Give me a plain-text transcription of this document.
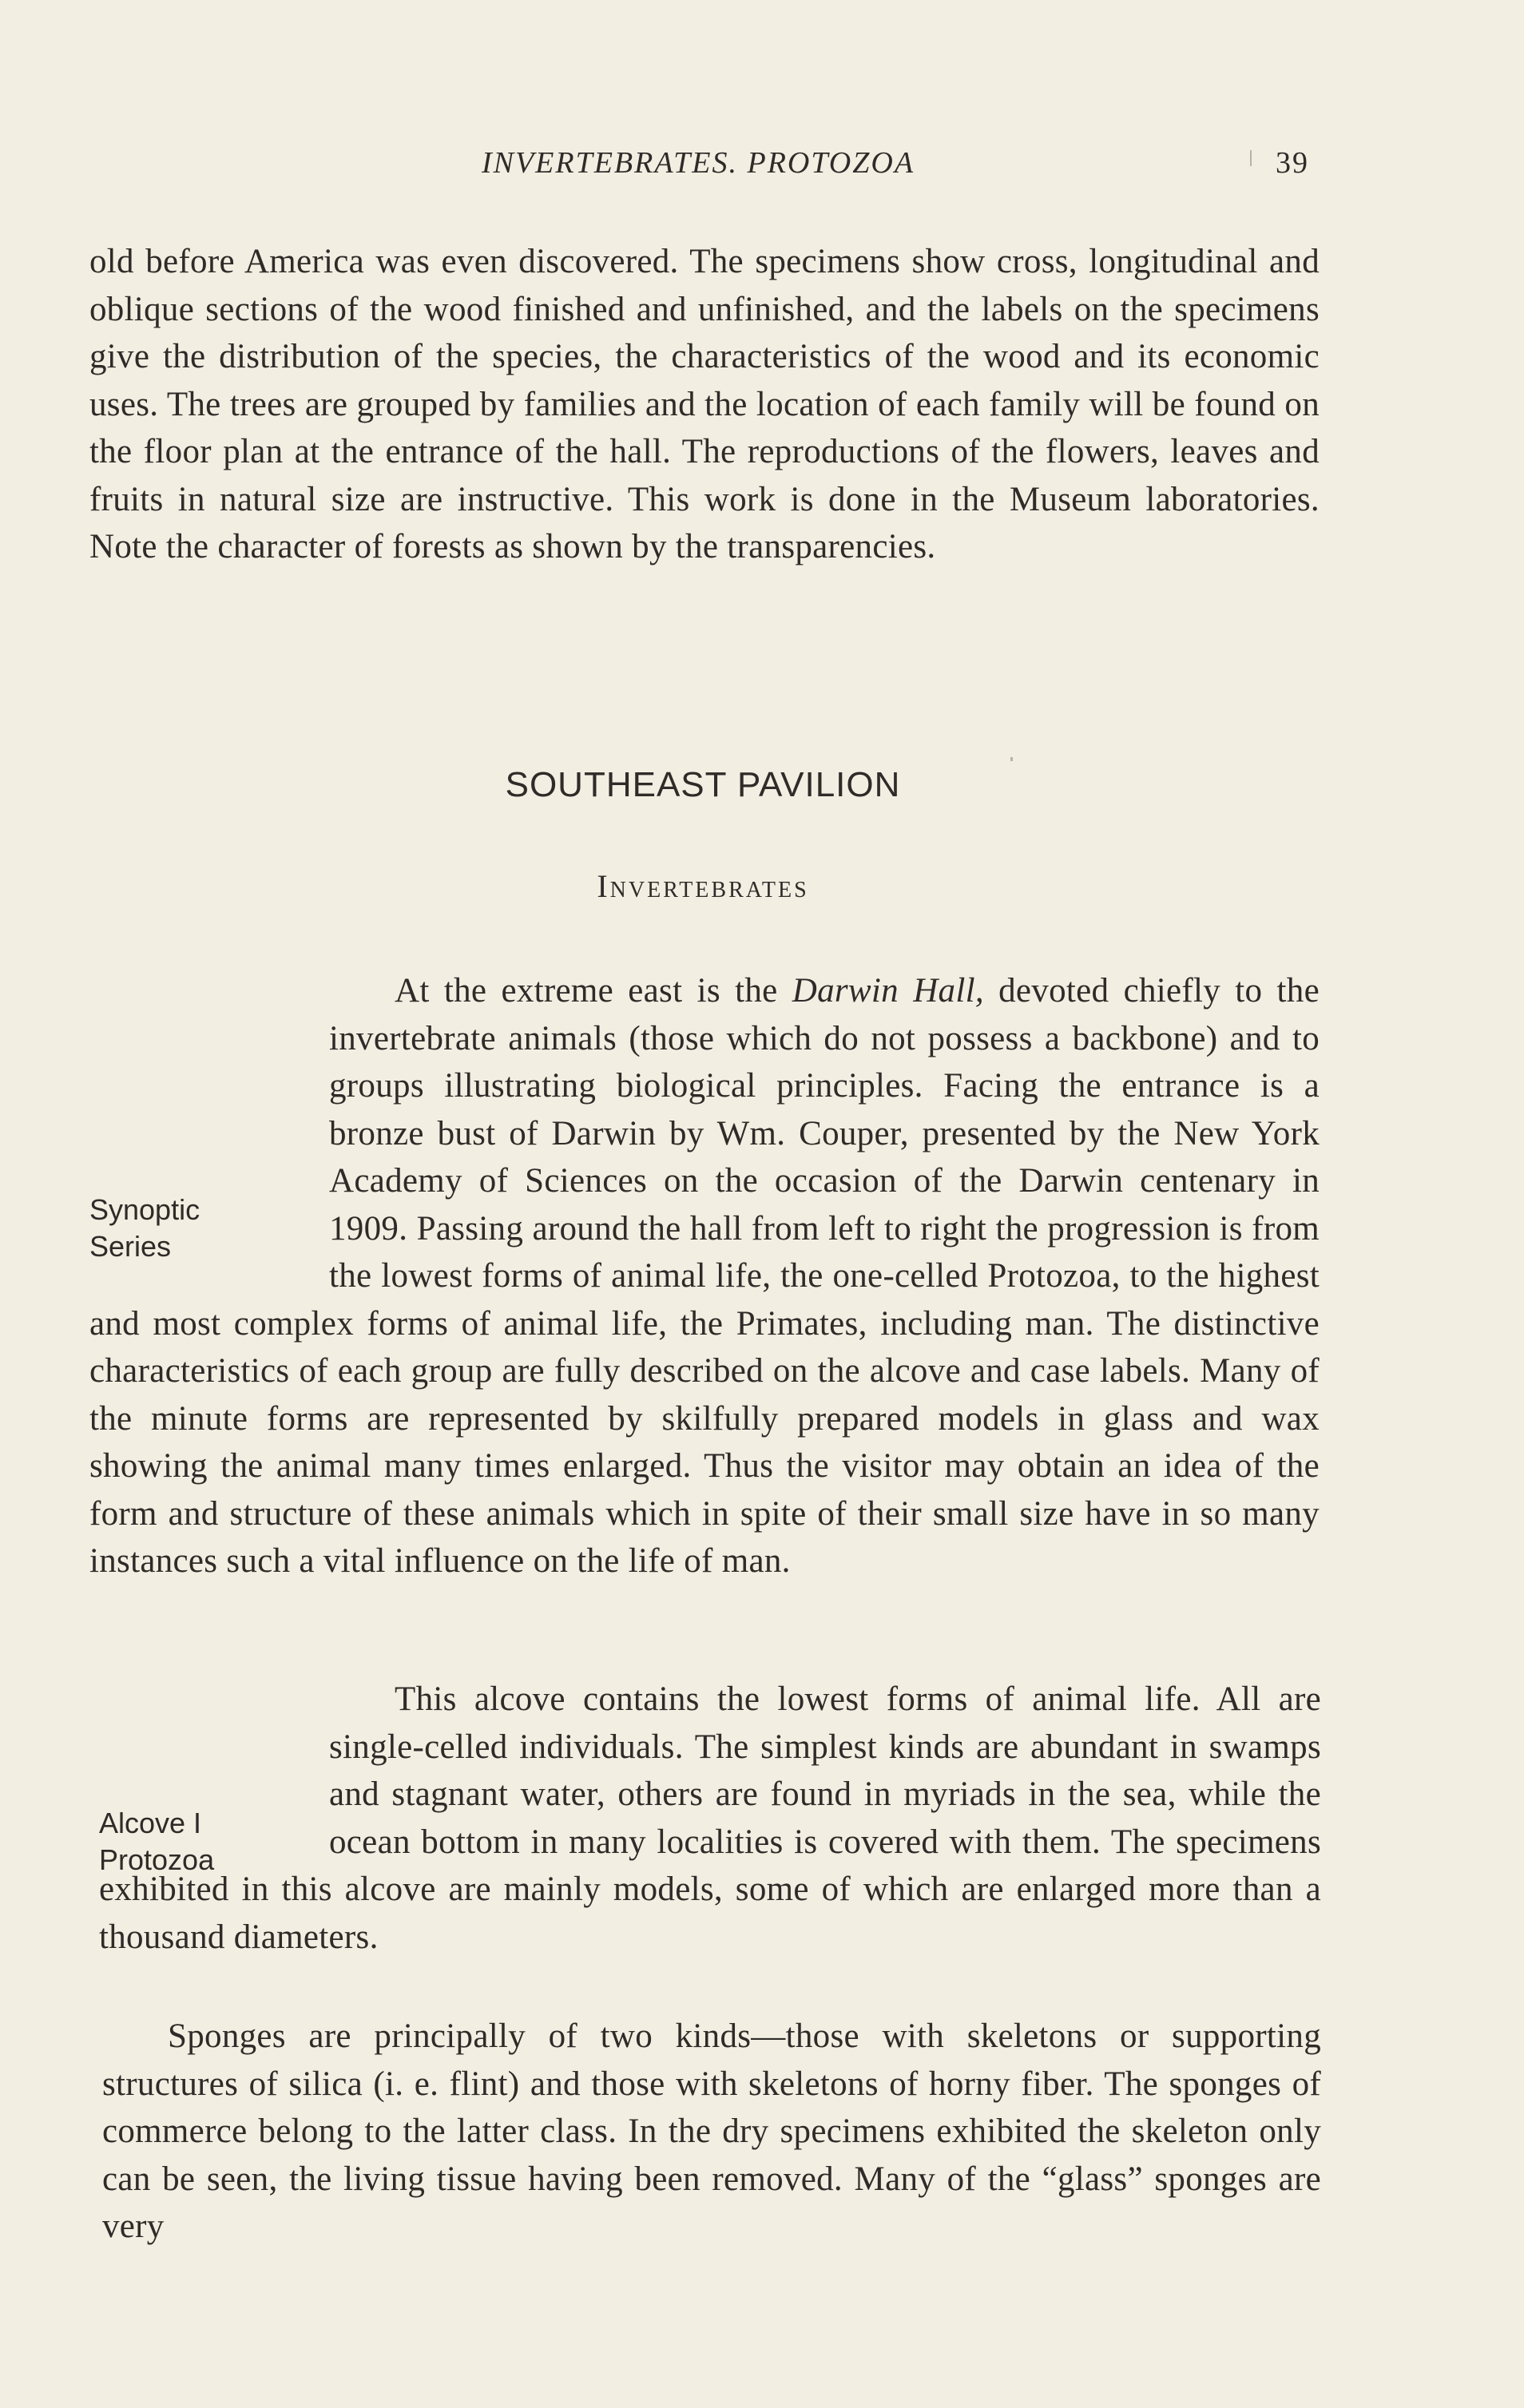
INVERTEBRATES. PROTOZOA	39

old before America was even discovered. The specimens show cross, longitudinal and oblique sections of the wood finished and unfinished, and the labels on the specimens give the distribution of the species, the characteristics of the wood and its economic uses. The trees are grouped by families and the location of each family will be found on the floor plan at the entrance of the hall. The reproductions of the flowers, leaves and fruits in natural size are instructive. This work is done in the Museum laboratories. Note the character of forests as shown by the transparencies.

SOUTHEAST PAVILION
Invertebrates

At the extreme east is the Darwin Hall, devoted chiefly to the invertebrate animals (those which do not possess a backbone) and to groups illustrating biological principles. Facing the entrance is a bronze bust of Darwin by Wm. Couper, presented by the New York Academy of Sciences on the occasion of the Darwin centenary in 1909. Passing around the hall from left to right the progression is from the lowest forms of animal life, the one-celled Protozoa, to the highest and most complex forms of animal life, the Primates, including man. The distinctive characteristics of each group are fully described on the alcove and case labels. Many of the minute forms are represented by skilfully prepared models in glass and wax showing the animal many times enlarged. Thus the visitor may obtain an idea of the form and structure of these animals which in spite of their small size have in so many instances such a vital influence on the life of man.

Synoptic
Series

This alcove contains the lowest forms of animal life. All are single-celled individuals. The simplest kinds are abundant in swamps and stagnant water, others are found in myriads in the sea, while the ocean bottom in many localities is covered with them. The specimens exhibited in this alcove are mainly models, some of which are enlarged more than a thousand diameters.

Alcove I
Protozoa

Sponges are principally of two kinds—those with skeletons or supporting structures of silica (i. e. flint) and those with skeletons of horny fiber. The sponges of commerce belong to the latter class. In the dry specimens exhibited the skeleton only can be seen, the living tissue having been removed. Many of the “glass” sponges are very
